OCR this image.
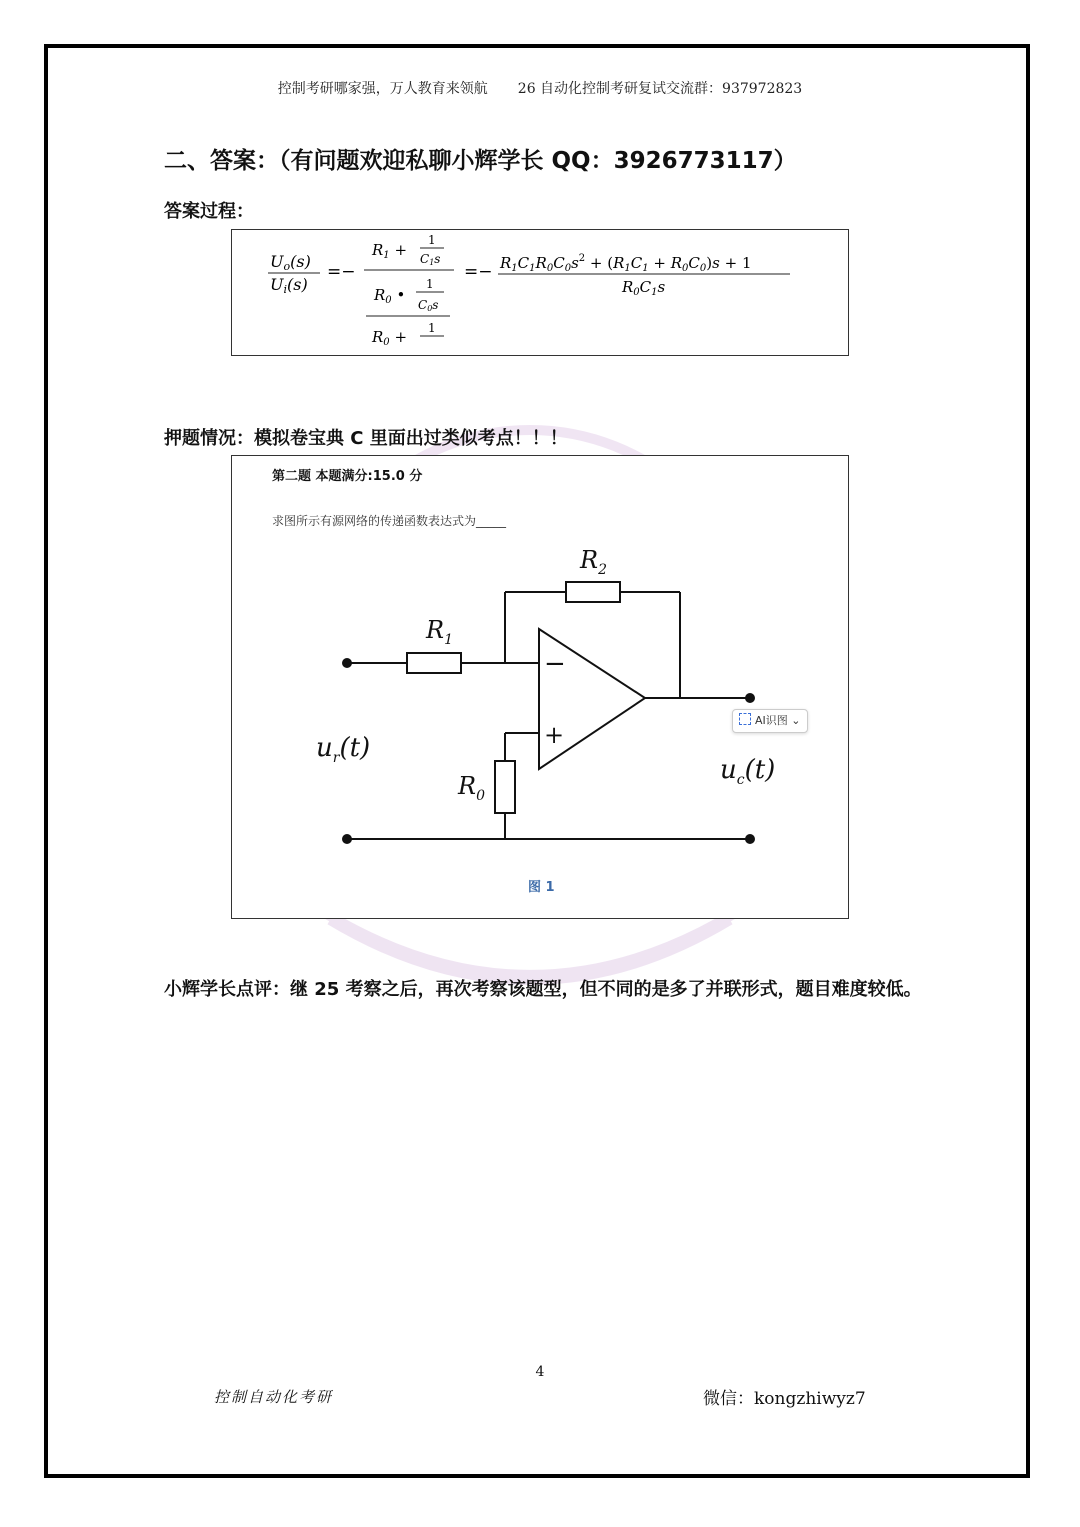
控制考研哪家强，万人教育来领航 26 自动化控制考研复试交流群：937972823
二、答案：（有问题欢迎私聊小辉学长 QQ：3926773117）
答案过程：
Uo(s)
Ui(s)
=−
$R_1$ +
1
C1s
$R_0$ •
1
C0s
$R_0 + 1$
=− $R_1C_1R_0C_0s^2 + (R_1C_1 + R_0C_0)s + 1$
$R_0C_1s$
押题情况：模拟卷宝典 C 里面出过类似考点！！！
第二题 本题满分:15.0 分
求图所示有源网络的传递函数表达式为_____
−
+
$R_1$
$R_2$
$R_0$
$u_r(t)$
$u_c(t)$
AI识图 ⌄
图 1
小辉学长点评：继 25 考察之后，再次考察该题型，但不同的是多了并联形式，题目难度较低。
4
控制自动化考研	微信：kongzhiwyz7
